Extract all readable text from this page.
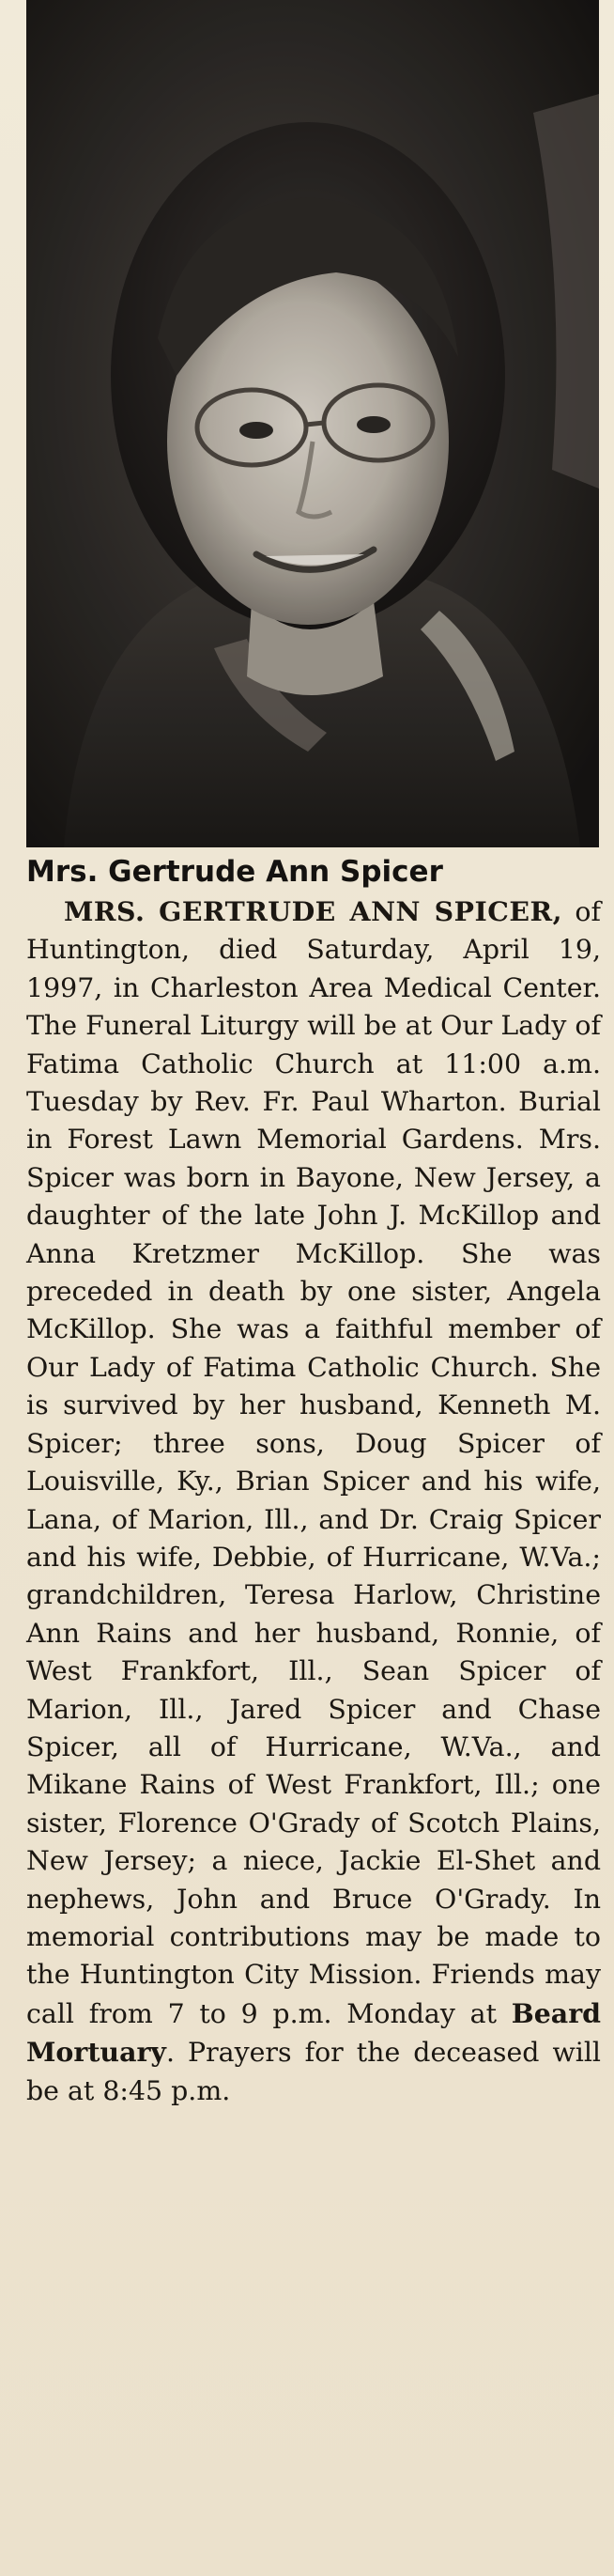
Mrs. Gertrude Ann Spicer

MRS. GERTRUDE ANN SPICER, of Huntington, died Saturday, April 19, 1997, in Charleston Area Medical Center. The Funeral Liturgy will be at Our Lady of Fatima Catholic Church at 11:00 a.m. Tuesday by Rev. Fr. Paul Wharton. Burial in Forest Lawn Memorial Gardens. Mrs. Spicer was born in Bayone, New Jersey, a daughter of the late John J. McKillop and Anna Kretzmer McKillop. She was preceded in death by one sister, Angela McKillop. She was a faithful member of Our Lady of Fatima Catholic Church. She is survived by her husband, Kenneth M. Spicer; three sons, Doug Spicer of Louisville, Ky., Brian Spicer and his wife, Lana, of Marion, Ill., and Dr. Craig Spicer and his wife, Debbie, of Hurricane, W.Va.; grandchildren, Teresa Harlow, Christine Ann Rains and her husband, Ronnie, of West Frankfort, Ill., Sean Spicer of Marion, Ill., Jared Spicer and Chase Spicer, all of Hurricane, W.Va., and Mikane Rains of West Frankfort, Ill.; one sister, Florence O'Grady of Scotch Plains, New Jersey; a niece, Jackie El-Shet and nephews, John and Bruce O'Grady. In memorial contributions may be made to the Huntington City Mission. Friends may call from 7 to 9 p.m. Monday at Beard Mortuary. Prayers for the deceased will be at 8:45 p.m.
